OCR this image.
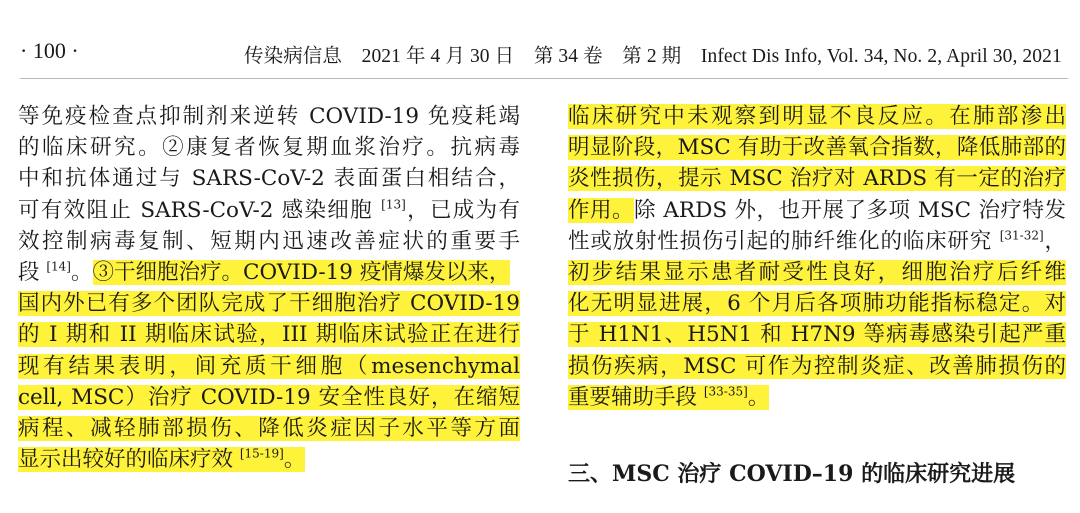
· 100 ·	传染病信息　2021 年 4 月 30 日　第 34 卷　第 2 期　Infect Dis Info, Vol. 34, No. 2, April 30, 2021
等免疫检查点抑制剂来逆转 COVID-19 免疫耗竭
的临床研究。②康复者恢复期血浆治疗。抗病毒
中和抗体通过与 SARS-CoV-2 表面蛋白相结合，
可有效阻止 SARS-CoV-2 感染细胞 [13]，已成为有
效控制病毒复制、短期内迅速改善症状的重要手
段 [14]。③干细胞治疗。COVID-19 疫情爆发以来，
国内外已有多个团队完成了干细胞治疗 COVID-19
的 I 期和 II 期临床试验，III 期临床试验正在进行
现有结果表明，间充质干细胞（mesenchymal
cell, MSC）治疗 COVID-19 安全性良好，在缩短
病程、减轻肺部损伤、降低炎症因子水平等方面
显示出较好的临床疗效 [15-19]。
临床研究中未观察到明显不良反应。在肺部渗出
明显阶段，MSC 有助于改善氧合指数，降低肺部的
炎性损伤，提示 MSC 治疗对 ARDS 有一定的治疗
作用。除 ARDS 外，也开展了多项 MSC 治疗特发
性或放射性损伤引起的肺纤维化的临床研究 [31-32]，
初步结果显示患者耐受性良好，细胞治疗后纤维
化无明显进展，6 个月后各项肺功能指标稳定。对
于 H1N1、H5N1 和 H7N9 等病毒感染引起严重
损伤疾病，MSC 可作为控制炎症、改善肺损伤的
重要辅助手段 [33-35]。
三、MSC 治疗 COVID–19 的临床研究进展
